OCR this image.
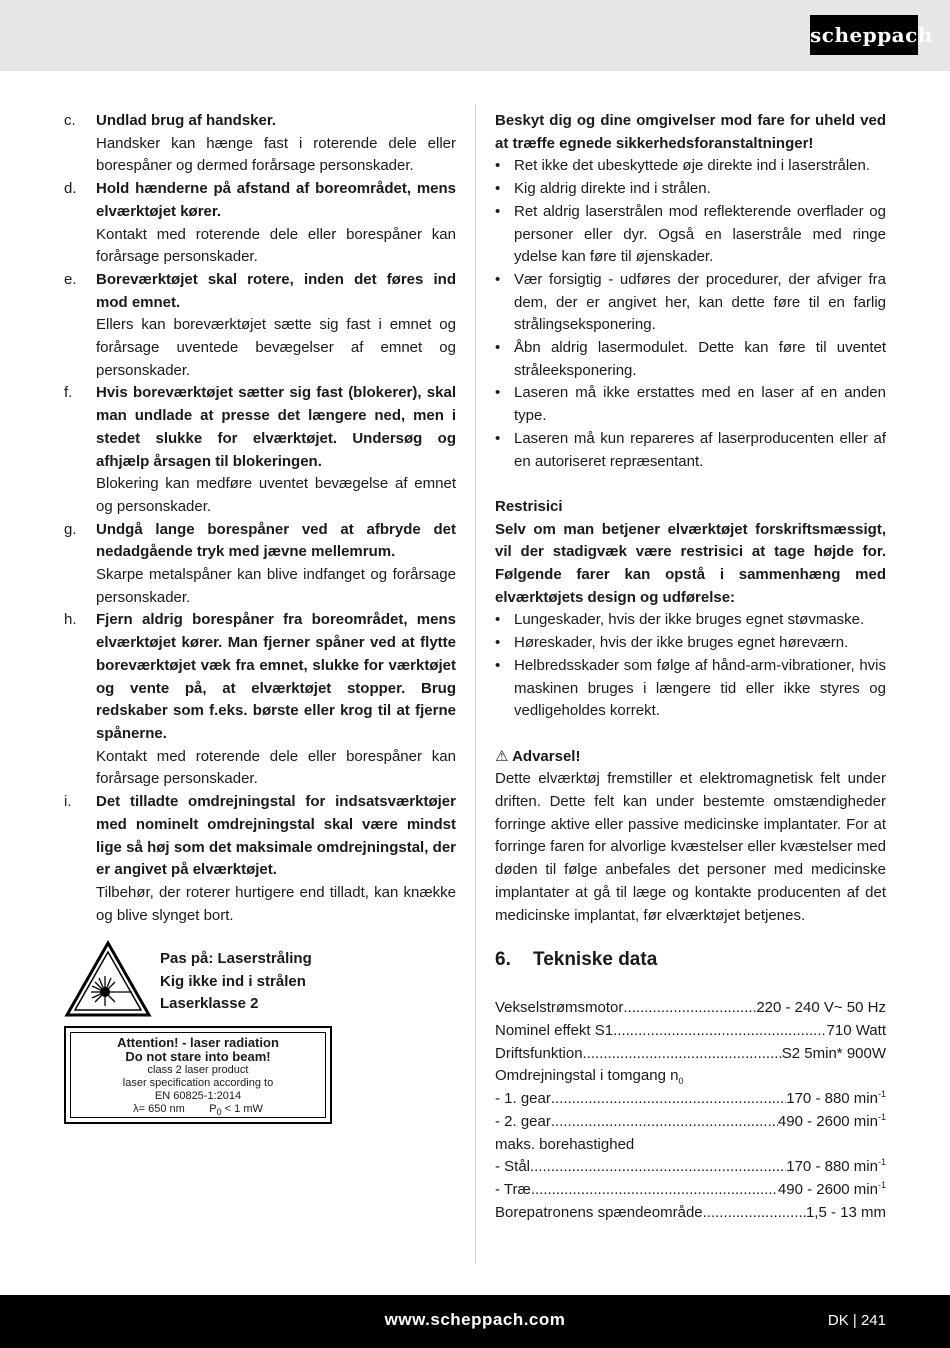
scheppach
c.	Undlad brug af handsker.

Handsker kan hænge fast i roterende dele eller borespåner og dermed forårsage personskader.

d.	Hold hænderne på afstand af boreområdet, mens elværktøjet kører.

Kontakt med roterende dele eller borespåner kan forårsage personskader.

e.	Boreværktøjet skal rotere, inden det føres ind mod emnet.

Ellers kan boreværktøjet sætte sig fast i emnet og forårsage uventede bevægelser af emnet og personskader.

f.	Hvis boreværktøjet sætter sig fast (blokerer), skal man undlade at presse det længere ned, men i stedet slukke for elværktøjet. Undersøg og afhjælp årsagen til blokeringen.

Blokering kan medføre uventet bevægelse af emnet og personskader.

g.	Undgå lange borespåner ved at afbryde det nedadgående tryk med jævne mellemrum.

Skarpe metalspåner kan blive indfanget og forårsage personskader.

h.	Fjern aldrig borespåner fra boreområdet, mens elværktøjet kører. Man fjerner spåner ved at flytte boreværktøjet væk fra emnet, slukke for værktøjet og vente på, at elværktøjet stopper. Brug redskaber som f.eks. børste eller krog til at fjerne spånerne.

Kontakt med roterende dele eller borespåner kan forårsage personskader.

i.	Det tilladte omdrejningstal for indsatsværktøjer med nominelt omdrejningstal skal være mindst lige så høj som det maksimale omdrejningstal, der er angivet på elværktøjet.

Tilbehør, der roterer hurtigere end tilladt, kan knække og blive slynget bort.

Pas på: Laserstråling
Kig ikke ind i strålen
Laserklasse 2
Attention! - laser radiation
Do not stare into beam!
class 2 laser product
laser specification according to
EN 60825-1:2014
λ= 650 nm $P_0 < 1$ mW

Beskyt dig og dine omgivelser mod fare for uheld ved at træffe egnede sikkerhedsforanstaltninger!

• Ret ikke det ubeskyttede øje direkte ind i laserstrålen.
• Kig aldrig direkte ind i strålen.
• Ret aldrig laserstrålen mod reflekterende overflader og personer eller dyr. Også en laserstråle med ringe ydelse kan føre til øjenskader.
• Vær forsigtig - udføres der procedurer, der afviger fra dem, der er angivet her, kan dette føre til en farlig strålingseksponering.
• Åbn aldrig lasermodulet. Dette kan føre til uventet stråleeksponering.
• Laseren må ikke erstattes med en laser af en anden type.
• Laseren må kun repareres af laserproducenten eller af en autoriseret repræsentant.

Restrisici

Selv om man betjener elværktøjet forskriftsmæssigt, vil der stadigvæk være restrisici at tage højde for. Følgende farer kan opstå i sammenhæng med elværktøjets design og udførelse:

• Lungeskader, hvis der ikke bruges egnet støvmaske.
• Høreskader, hvis der ikke bruges egnet høreværn.
• Helbredsskader som følge af hånd-arm-vibrationer, hvis maskinen bruges i længere tid eller ikke styres og vedligeholdes korrekt.

⚠ Advarsel!

Dette elværktøj fremstiller et elektromagnetisk felt under driften. Dette felt kan under bestemte omstændigheder forringe aktive eller passive medicinske implantater. For at forringe faren for alvorlige kvæstelser eller kvæstelser med døden til følge anbefales det personer med medicinske implantater at gå til læge og kontakte producenten af det medicinske implantat, før elværktøjet betjenes.

6.	Tekniske data
Vekselstrømsmotor .....	220 - 240 V~ 50 Hz
Nominel effekt S1 .....	710 Watt
Driftsfunktion .....	S2 5min* 900W
Omdrejningstal i tomgang $n_0$
- 1. gear .....	170 - 880 $\min^{-1}$
- 2. gear .....	490 - 2600 $\min^{-1}$
maks. borehastighed
- Stål .....	170 - 880 $\min^{-1}$
- Træ .....	490 - 2600 $\min^{-1}$
Borepatronens spændeområde .....	1,5 - 13 mm
www.scheppach.com	DK | 241
